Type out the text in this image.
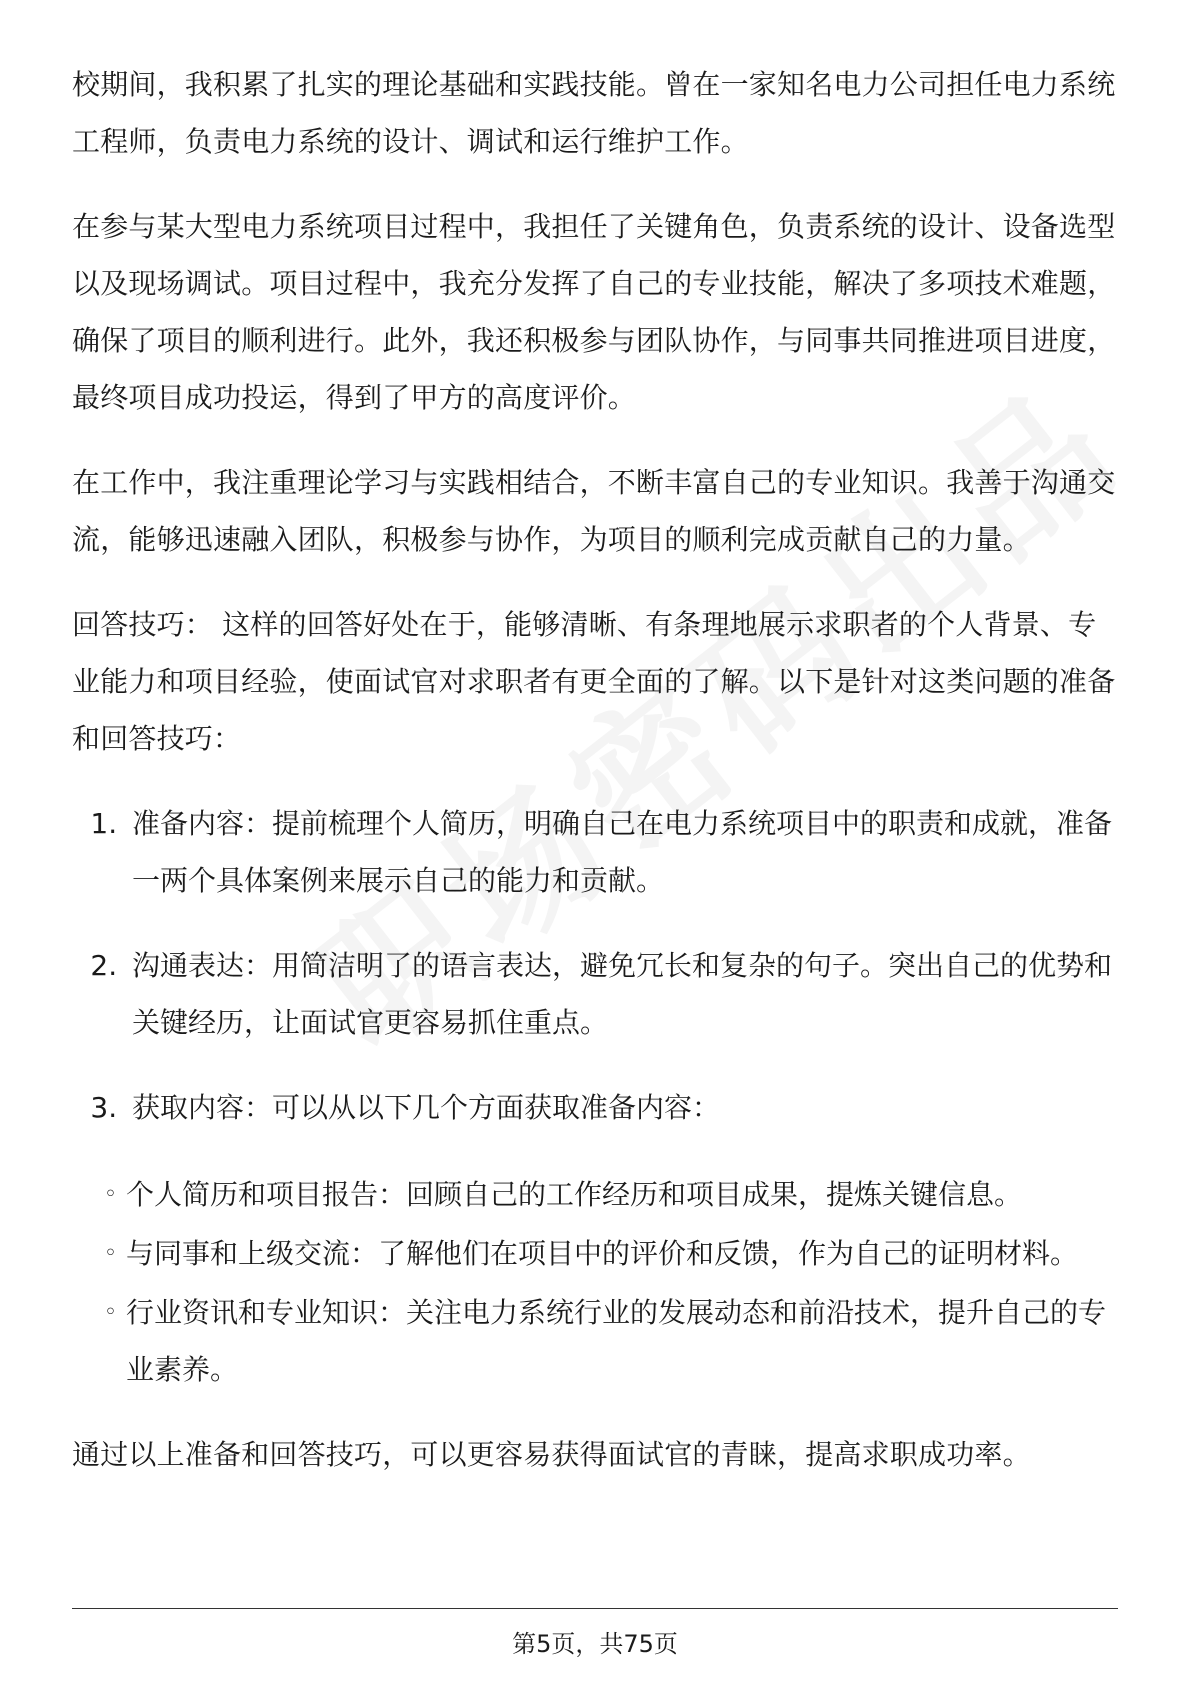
校期间，我积累了扎实的理论基础和实践技能。曾在一家知名电力公司担任电力系统工程师，负责电力系统的设计、调试和运行维护工作。

在参与某大型电力系统项目过程中，我担任了关键角色，负责系统的设计、设备选型以及现场调试。项目过程中，我充分发挥了自己的专业技能，解决了多项技术难题，确保了项目的顺利进行。此外，我还积极参与团队协作，与同事共同推进项目进度，最终项目成功投运，得到了甲方的高度评价。

在工作中，我注重理论学习与实践相结合，不断丰富自己的专业知识。我善于沟通交流，能够迅速融入团队，积极参与协作，为项目的顺利完成贡献自己的力量。

回答技巧： 这样的回答好处在于，能够清晰、有条理地展示求职者的个人背景、专业能力和项目经验，使面试官对求职者有更全面的了解。以下是针对这类问题的准备和回答技巧：

1. 准备内容：提前梳理个人简历，明确自己在电力系统项目中的职责和成就，准备一两个具体案例来展示自己的能力和贡献。
2. 沟通表达：用简洁明了的语言表达，避免冗长和复杂的句子。突出自己的优势和关键经历，让面试官更容易抓住重点。
3. 获取内容：可以从以下几个方面获取准备内容：
◦ 个人简历和项目报告：回顾自己的工作经历和项目成果，提炼关键信息。
◦ 与同事和上级交流：了解他们在项目中的评价和反馈，作为自己的证明材料。
◦ 行业资讯和专业知识：关注电力系统行业的发展动态和前沿技术，提升自己的专业素养。

通过以上准备和回答技巧，可以更容易获得面试官的青睐，提高求职成功率。

第5页，共75页
